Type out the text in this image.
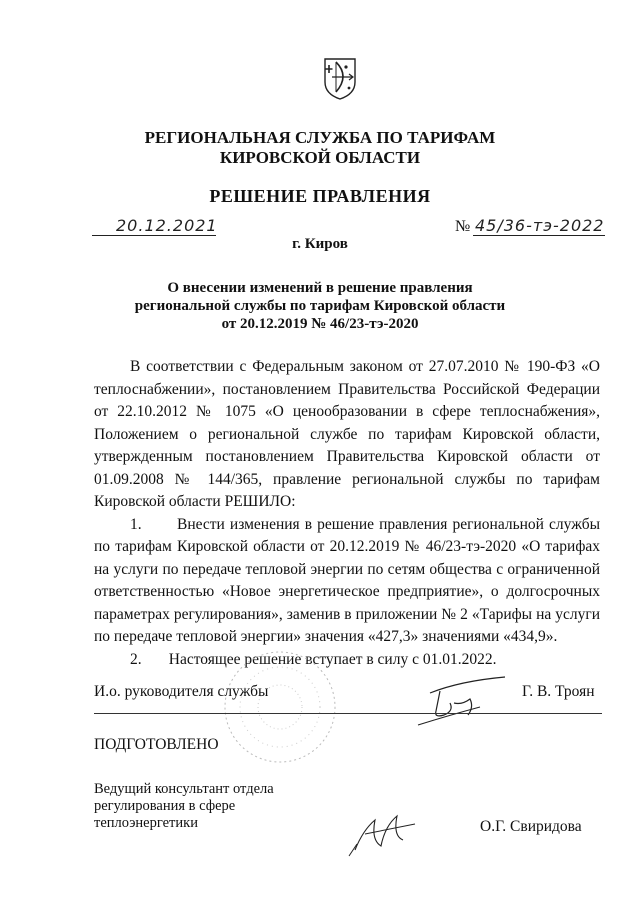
РЕГИОНАЛЬНАЯ СЛУЖБА ПО ТАРИФАМ
КИРОВСКОЙ ОБЛАСТИ
РЕШЕНИЕ ПРАВЛЕНИЯ
20.12.2021	№ 45/36-тэ-2022
г. Киров
О внесении изменений в решение правления
региональной службы по тарифам Кировской области
от 20.12.2019 № 46/23-тэ-2020

В соответствии с Федеральным законом от 27.07.2010 № 190-ФЗ «О теплоснабжении», постановлением Правительства Российской Федерации от 22.10.2012 № 1075 «О ценообразовании в сфере теплоснабжения», Положением о региональной службе по тарифам Кировской области, утвержденным постановлением Правительства Кировской области от 01.09.2008 № 144/365, правление региональной службы по тарифам Кировской области РЕШИЛО:

1.       Внести изменения в решение правления региональной службы по тарифам Кировской области от 20.12.2019 № 46/23-тэ-2020 «О тарифах на услуги по передаче тепловой энергии по сетям общества с ограниченной ответственностью «Новое энергетическое предприятие», о долгосрочных параметрах регулирования», заменив в приложении № 2 «Тарифы на услуги по передаче тепловой энергии» значения «427,3» значениями «434,9».

2.       Настоящее решение вступает в силу с 01.01.2022.

И.о. руководителя службы	Г. В. Троян
ПОДГОТОВЛЕНО
Ведущий консультант отдела
регулирования в сфере
теплоэнергетики	О.Г. Свиридова
